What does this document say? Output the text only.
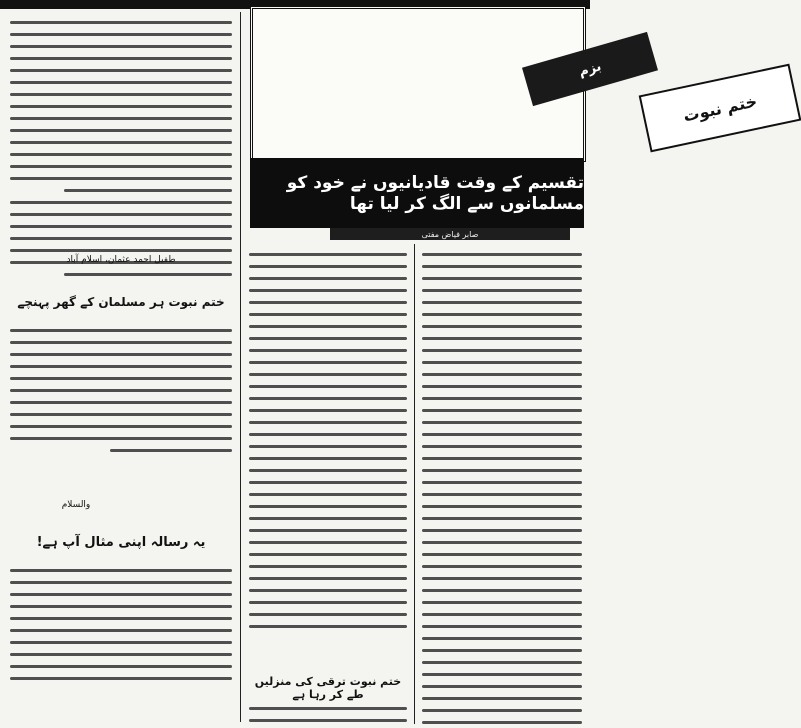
طفیل احمد عثمان، اسلام آباد
ختم نبوت ہر مسلمان کے گھر پہنچے
والسلام
یہ رسالہ اپنی مثال آپ ہے!
بزم
ختم نبوت
تقسیم کے وقت قادیانیوں نے خود کو مسلمانوں سے الگ کر لیا تھا
صابر فیاض مفتی
ختم نبوت ترقی کی منزلیں طے کر رہا ہے
